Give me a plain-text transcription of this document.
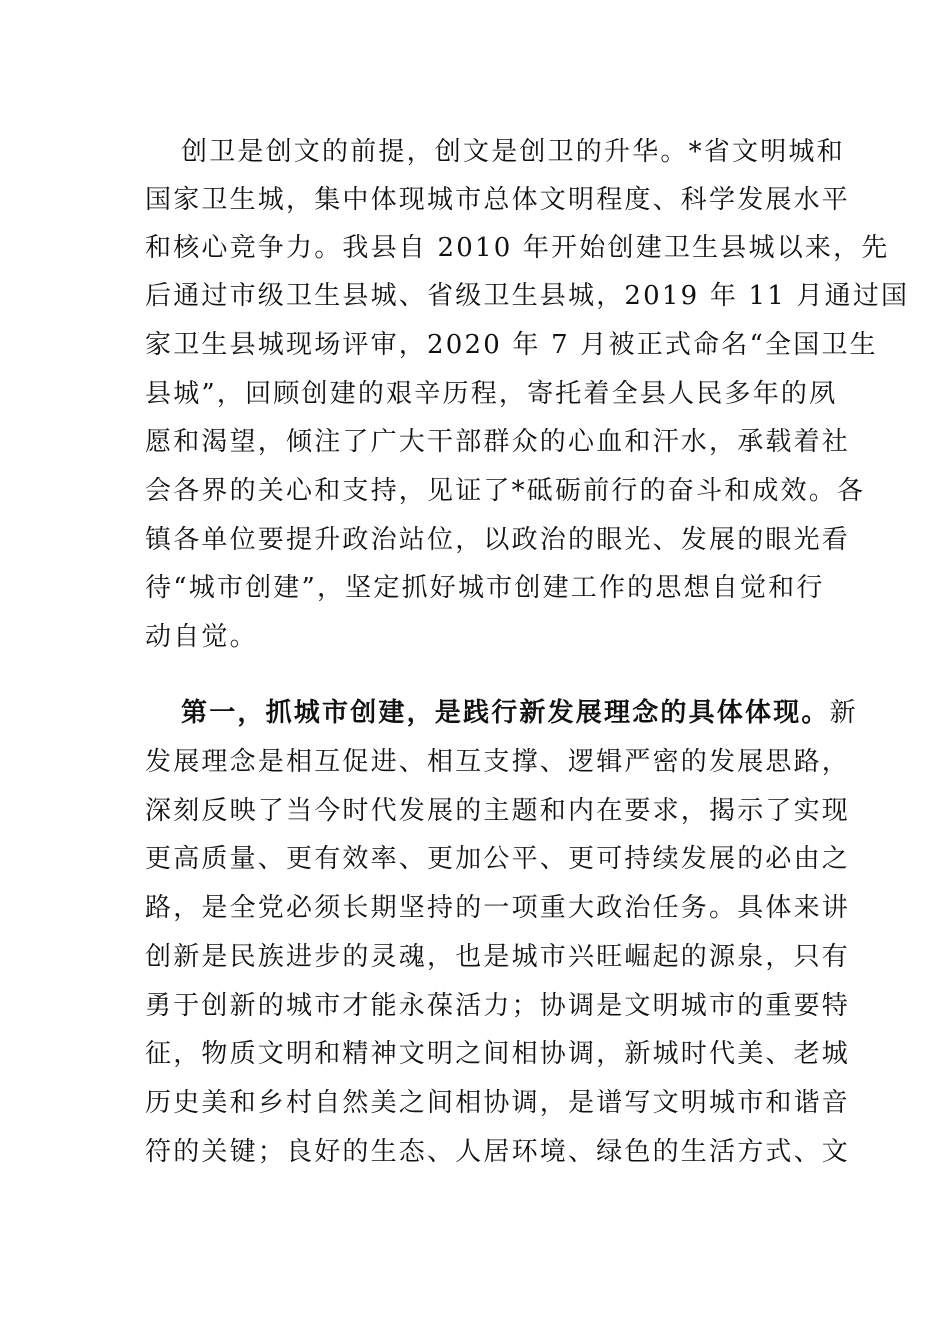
创卫是创文的前提，创文是创卫的升华。*省文明城和
国家卫生城，集中体现城市总体文明程度、科学发展水平
和核心竞争力。我县自 2010 年开始创建卫生县城以来，先
后通过市级卫生县城、省级卫生县城，2019 年 11 月通过国
家卫生县城现场评审，2020 年 7 月被正式命名“全国卫生
县城”，回顾创建的艰辛历程，寄托着全县人民多年的夙
愿和渴望，倾注了广大干部群众的心血和汗水，承载着社
会各界的关心和支持，见证了*砥砺前行的奋斗和成效。各
镇各单位要提升政治站位，以政治的眼光、发展的眼光看
待“城市创建”，坚定抓好城市创建工作的思想自觉和行
动自觉。
第一，抓城市创建，是践行新发展理念的具体体现。新
发展理念是相互促进、相互支撑、逻辑严密的发展思路，
深刻反映了当今时代发展的主题和内在要求，揭示了实现
更高质量、更有效率、更加公平、更可持续发展的必由之
路，是全党必须长期坚持的一项重大政治任务。具体来讲
创新是民族进步的灵魂，也是城市兴旺崛起的源泉，只有
勇于创新的城市才能永葆活力；协调是文明城市的重要特
征，物质文明和精神文明之间相协调，新城时代美、老城
历史美和乡村自然美之间相协调，是谱写文明城市和谐音
符的关键；良好的生态、人居环境、绿色的生活方式、文
